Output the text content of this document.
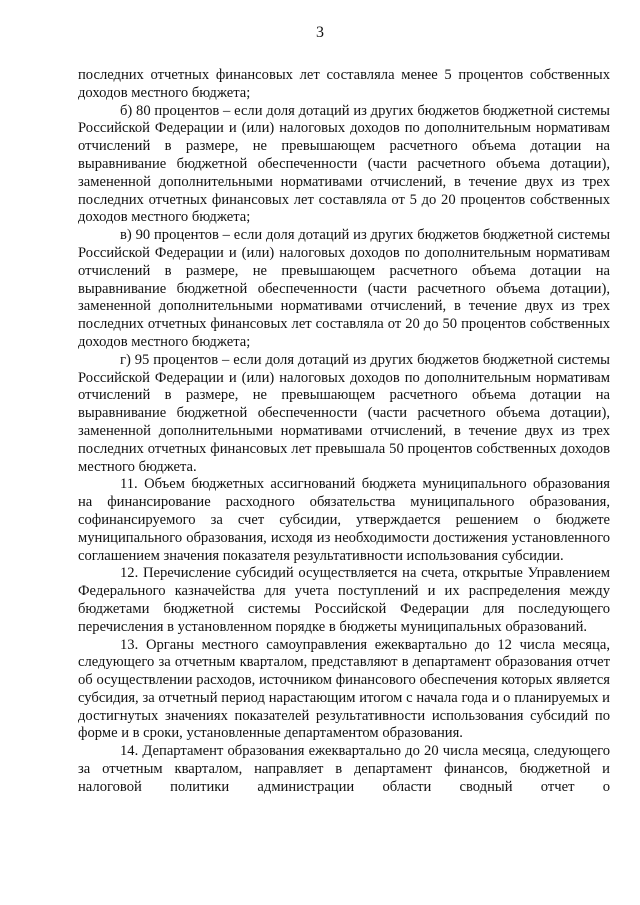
3

последних отчетных финансовых лет составляла менее 5 процентов собственных доходов местного бюджета;

б) 80 процентов – если доля дотаций из других бюджетов бюджетной системы Российской Федерации и (или) налоговых доходов по дополнительным нормативам отчислений в размере, не превышающем расчетного объема дотации на выравнивание бюджетной обеспеченности (части расчетного объема дотации), замененной дополнительными нормативами отчислений, в течение двух из трех последних отчетных финансовых лет составляла от 5 до 20 процентов собственных доходов местного бюджета;

в) 90 процентов – если доля дотаций из других бюджетов бюджетной системы Российской Федерации и (или) налоговых доходов по дополнительным нормативам отчислений в размере, не превышающем расчетного объема дотации на выравнивание бюджетной обеспеченности (части расчетного объема дотации), замененной дополнительными нормативами отчислений, в течение двух из трех последних отчетных финансовых лет составляла от 20 до 50 процентов собственных доходов местного бюджета;

г) 95 процентов – если доля дотаций из других бюджетов бюджетной системы Российской Федерации и (или) налоговых доходов по дополнительным нормативам отчислений в размере, не превышающем расчетного объема дотации на выравнивание бюджетной обеспеченности (части расчетного объема дотации), замененной дополнительными нормативами отчислений, в течение двух из трех последних отчетных финансовых лет превышала 50 процентов собственных доходов местного бюджета.

11. Объем бюджетных ассигнований бюджета муниципального образования на финансирование расходного обязательства муниципального образования, софинансируемого за счет субсидии, утверждается решением о бюджете муниципального образования, исходя из необходимости достижения установленного соглашением значения показателя результативности использования субсидии.

12. Перечисление субсидий осуществляется на счета, открытые Управлением Федерального казначейства для учета поступлений и их распределения между бюджетами бюджетной системы Российской Федерации для последующего перечисления в установленном порядке в бюджеты муниципальных образований.

13. Органы местного самоуправления ежеквартально до 12 числа месяца, следующего за отчетным кварталом, представляют в департамент образования отчет об осуществлении расходов, источником финансового обеспечения которых является субсидия, за отчетный период нарастающим итогом с начала года и о планируемых и достигнутых значениях показателей результативности использования субсидий по форме и в сроки, установленные департаментом образования.

14. Департамент образования ежеквартально до 20 числа месяца, следующего за отчетным кварталом, направляет в департамент финансов, бюджетной и налоговой политики администрации области сводный отчет о
